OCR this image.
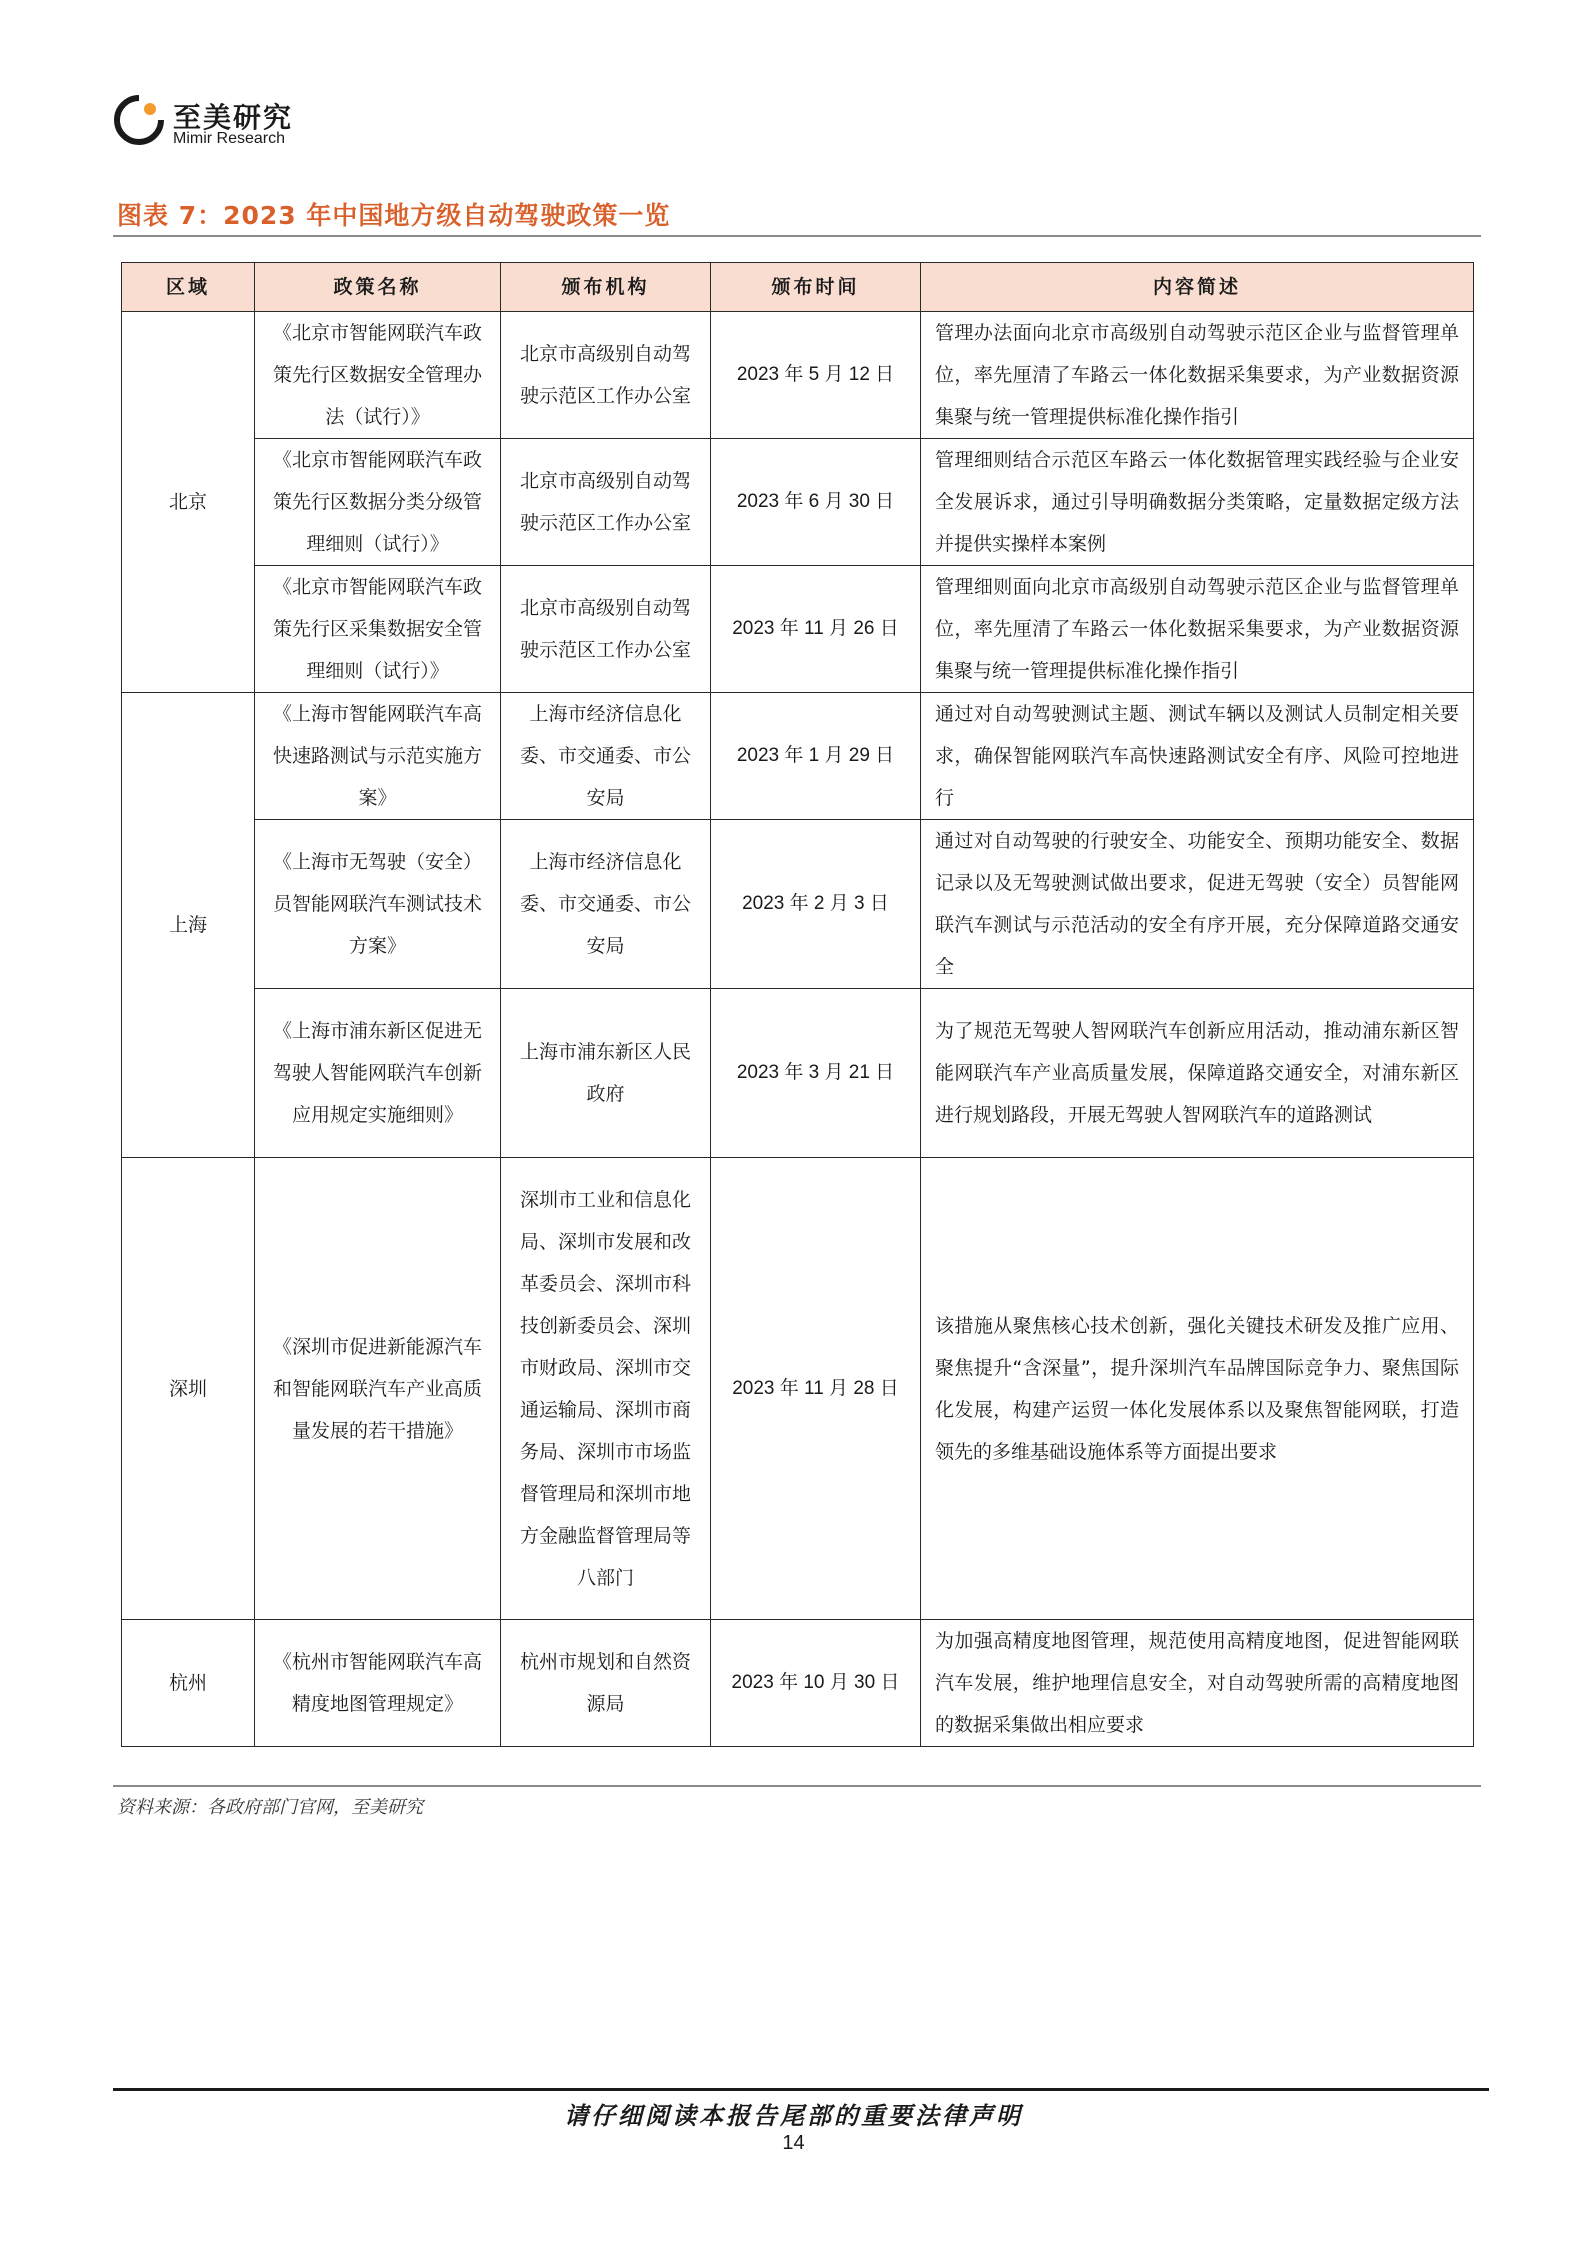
至美研究
Mimir Research
图表 7：2023 年中国地方级自动驾驶政策一览
区域	政策名称	颁布机构	颁布时间	内容简述
北京	《北京市智能网联汽车政策先行区数据安全管理办法（试行）》	北京市高级别自动驾驶示范区工作办公室	2023 年 5 月 12 日	管理办法面向北京市高级别自动驾驶示范区企业与监督管理单位，率先厘清了车路云一体化数据采集要求，为产业数据资源集聚与统一管理提供标准化操作指引
	《北京市智能网联汽车政策先行区数据分类分级管理细则（试行）》	北京市高级别自动驾驶示范区工作办公室	2023 年 6 月 30 日	管理细则结合示范区车路云一体化数据管理实践经验与企业安全发展诉求，通过引导明确数据分类策略，定量数据定级方法并提供实操样本案例
	《北京市智能网联汽车政策先行区采集数据安全管理细则（试行）》	北京市高级别自动驾驶示范区工作办公室	2023 年 11 月 26 日	管理细则面向北京市高级别自动驾驶示范区企业与监督管理单位，率先厘清了车路云一体化数据采集要求，为产业数据资源集聚与统一管理提供标准化操作指引
上海	《上海市智能网联汽车高快速路测试与示范实施方案》	上海市经济信息化委、市交通委、市公安局	2023 年 1 月 29 日	通过对自动驾驶测试主题、测试车辆以及测试人员制定相关要求，确保智能网联汽车高快速路测试安全有序、风险可控地进行
	《上海市无驾驶（安全）员智能网联汽车测试技术方案》	上海市经济信息化委、市交通委、市公安局	2023 年 2 月 3 日	通过对自动驾驶的行驶安全、功能安全、预期功能安全、数据记录以及无驾驶测试做出要求，促进无驾驶（安全）员智能网联汽车测试与示范活动的安全有序开展，充分保障道路交通安全
	《上海市浦东新区促进无驾驶人智能网联汽车创新应用规定实施细则》	上海市浦东新区人民政府	2023 年 3 月 21 日	为了规范无驾驶人智网联汽车创新应用活动，推动浦东新区智能网联汽车产业高质量发展，保障道路交通安全，对浦东新区进行规划路段，开展无驾驶人智网联汽车的道路测试
深圳	《深圳市促进新能源汽车和智能网联汽车产业高质量发展的若干措施》	深圳市工业和信息化局、深圳市发展和改革委员会、深圳市科技创新委员会、深圳市财政局、深圳市交通运输局、深圳市商务局、深圳市市场监督管理局和深圳市地方金融监督管理局等八部门	2023 年 11 月 28 日	该措施从聚焦核心技术创新，强化关键技术研发及推广应用、聚焦提升“含深量”，提升深圳汽车品牌国际竞争力、聚焦国际化发展，构建产运贸一体化发展体系以及聚焦智能网联，打造领先的多维基础设施体系等方面提出要求
杭州	《杭州市智能网联汽车高精度地图管理规定》	杭州市规划和自然资源局	2023 年 10 月 30 日	为加强高精度地图管理，规范使用高精度地图，促进智能网联汽车发展，维护地理信息安全，对自动驾驶所需的高精度地图的数据采集做出相应要求
资料来源：各政府部门官网，至美研究
请仔细阅读本报告尾部的重要法律声明
14
